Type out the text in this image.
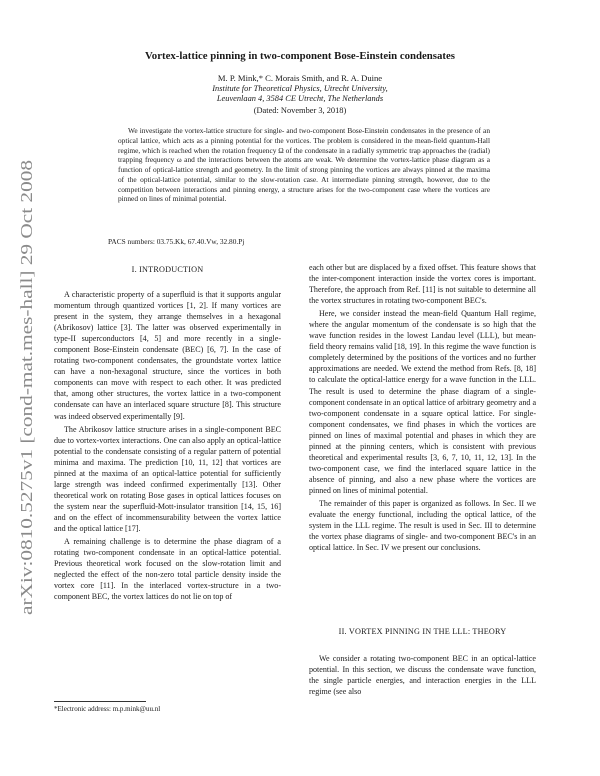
arXiv:0810.5275v1 [cond-mat.mes-hall] 29 Oct 2008
Vortex-lattice pinning in two-component Bose-Einstein condensates
M. P. Mink,* C. Morais Smith, and R. A. Duine
Institute for Theoretical Physics, Utrecht University,
Leuvenlaan 4, 3584 CE Utrecht, The Netherlands
(Dated: November 3, 2018)

We investigate the vortex-lattice structure for single- and two-component Bose-Einstein condensates in the presence of an optical lattice, which acts as a pinning potential for the vortices. The problem is considered in the mean-field quantum-Hall regime, which is reached when the rotation frequency Ω of the condensate in a radially symmetric trap approaches the (radial) trapping frequency ω and the interactions between the atoms are weak. We determine the vortex-lattice phase diagram as a function of optical-lattice strength and geometry. In the limit of strong pinning the vortices are always pinned at the maxima of the optical-lattice potential, similar to the slow-rotation case. At intermediate pinning strength, however, due to the competition between interactions and pinning energy, a structure arises for the two-component case where the vortices are pinned on lines of minimal potential.

PACS numbers: 03.75.Kk, 67.40.Vw, 32.80.Pj
I. INTRODUCTION

A characteristic property of a superfluid is that it supports angular momentum through quantized vortices [1, 2]. If many vortices are present in the system, they arrange themselves in a hexagonal (Abrikosov) lattice [3]. The latter was observed experimentally in type-II superconductors [4, 5] and more recently in a single-component Bose-Einstein condensate (BEC) [6, 7]. In the case of rotating two-component condensates, the groundstate vortex lattice can have a non-hexagonal structure, since the vortices in both components can move with respect to each other. It was predicted that, among other structures, the vortex lattice in a two-component condensate can have an interlaced square structure [8]. This structure was indeed observed experimentally [9].

The Abrikosov lattice structure arises in a single-component BEC due to vortex-vortex interactions. One can also apply an optical-lattice potential to the condensate consisting of a regular pattern of potential minima and maxima. The prediction [10, 11, 12] that vortices are pinned at the maxima of an optical-lattice potential for sufficiently large strength was indeed confirmed experimentally [13]. Other theoretical work on rotating Bose gases in optical lattices focuses on the system near the superfluid-Mott-insulator transition [14, 15, 16] and on the effect of incommensurability between the vortex lattice and the optical lattice [17].

A remaining challenge is to determine the phase diagram of a rotating two-component condensate in an optical-lattice potential. Previous theoretical work focused on the slow-rotation limit and neglected the effect of the non-zero total particle density inside the vortex core [11]. In the interlaced vortex-structure in a two-component BEC, the vortex lattices do not lie on top of

each other but are displaced by a fixed offset. This feature shows that the inter-component interaction inside the vortex cores is important. Therefore, the approach from Ref. [11] is not suitable to determine all the vortex structures in rotating two-component BEC's.

Here, we consider instead the mean-field Quantum Hall regime, where the angular momentum of the condensate is so high that the wave function resides in the lowest Landau level (LLL), but mean-field theory remains valid [18, 19]. In this regime the wave function is completely determined by the positions of the vortices and no further approximations are needed. We extend the method from Refs. [8, 18] to calculate the optical-lattice energy for a wave function in the LLL. The result is used to determine the phase diagram of a single-component condensate in an optical lattice of arbitrary geometry and a two-component condensate in a square optical lattice. For single-component condensates, we find phases in which the vortices are pinned on lines of maximal potential and phases in which they are pinned at the pinning centers, which is consistent with previous theoretical and experimental results [3, 6, 7, 10, 11, 12, 13]. In the two-component case, we find the interlaced square lattice in the absence of pinning, and also a new phase where the vortices are pinned on lines of minimal potential.

The remainder of this paper is organized as follows. In Sec. II we evaluate the energy functional, including the optical lattice, of the system in the LLL regime. The result is used in Sec. III to determine the vortex phase diagrams of single- and two-component BEC's in an optical lattice. In Sec. IV we present our conclusions.

II. VORTEX PINNING IN THE LLL: THEORY

We consider a rotating two-component BEC in an optical-lattice potential. In this section, we discuss the condensate wave function, the single particle energies, and interaction energies in the LLL regime (see also

*Electronic address: m.p.mink@uu.nl
